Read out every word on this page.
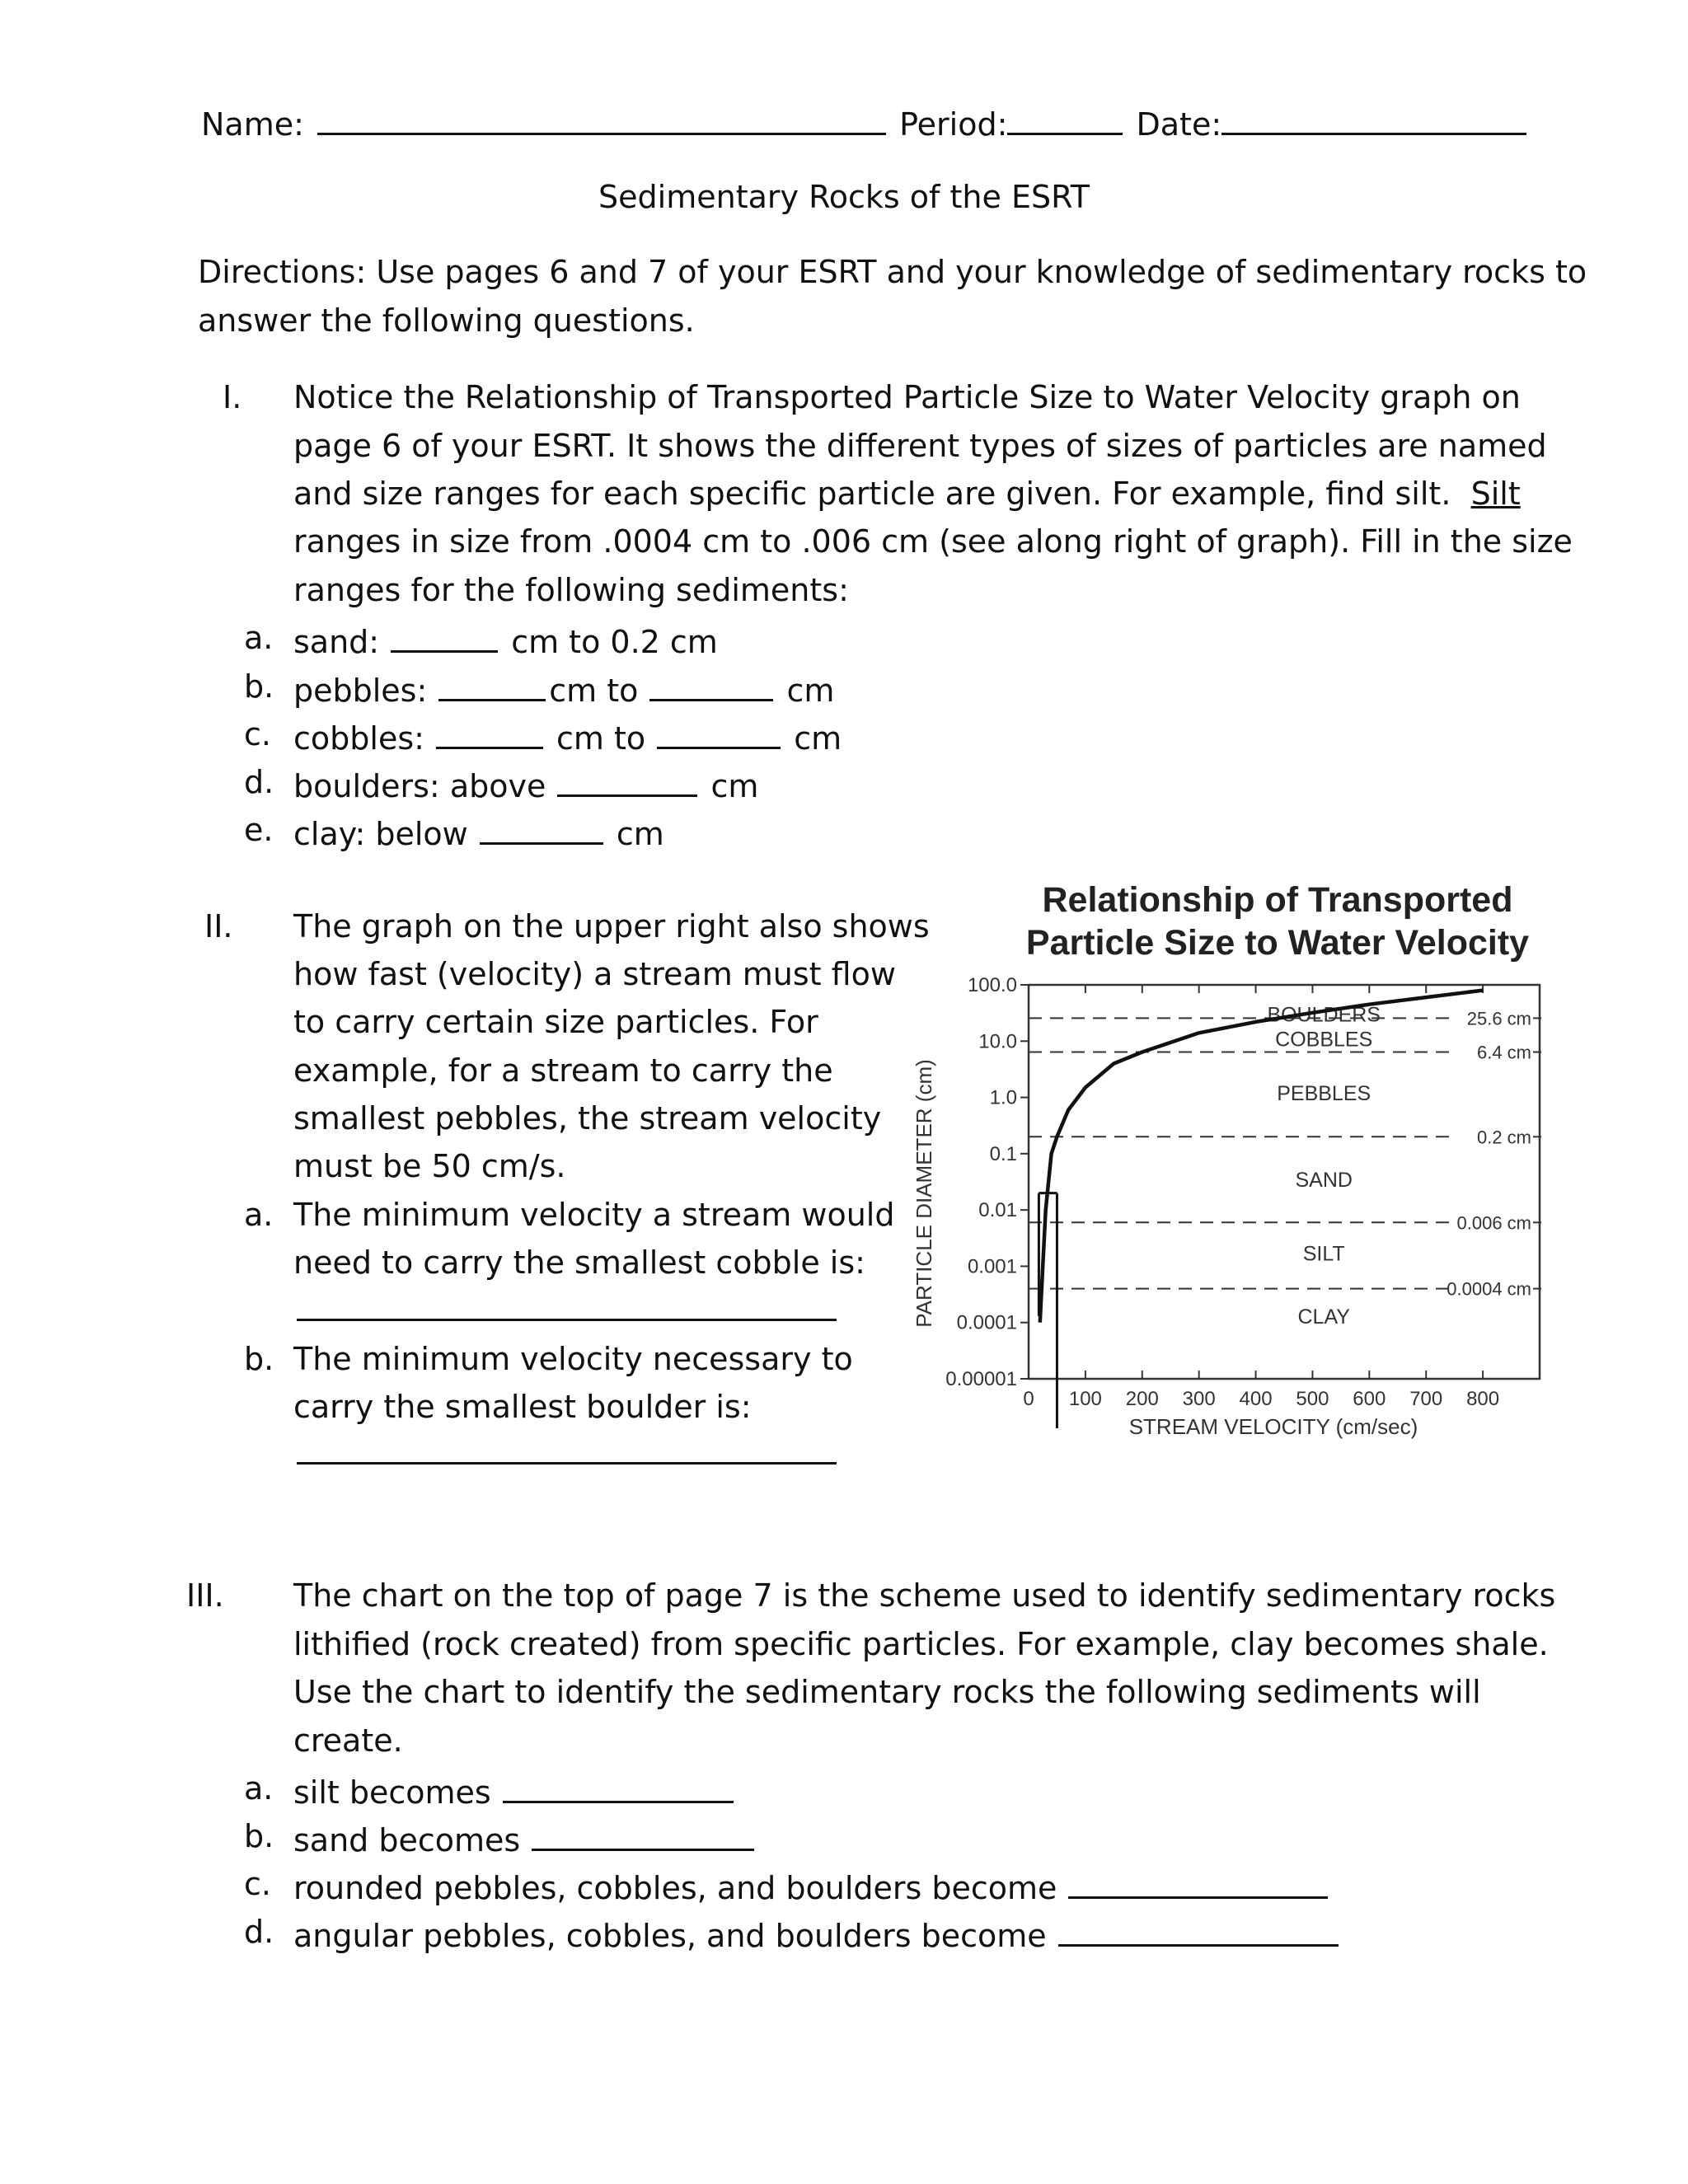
Name:	Period:	Date:
Sedimentary Rocks of the ESRT
Directions: Use pages 6 and 7 of your ESRT and your knowledge of sedimentary rocks to
answer the following questions.
I. Notice the Relationship of Transported Particle Size to Water Velocity graph on
page 6 of your ESRT. It shows the different types of sizes of particles are named
and size ranges for each specific particle are given. For example, find silt. Silt
ranges in size from .0004 cm to .006 cm (see along right of graph). Fill in the size
ranges for the following sediments:
a. sand:	cm to 0.2 cm
b. pebbles:	cm to	cm
c. cobbles:	cm to	cm
d. boulders: above	cm
e. clay: below	cm
II. The graph on the upper right also shows
how fast (velocity) a stream must flow
to carry certain size particles. For
example, for a stream to carry the
smallest pebbles, the stream velocity
must be 50 cm/s.
a. The minimum velocity a stream would
need to carry the smallest cobble is:
b. The minimum velocity necessary to
carry the smallest boulder is:
Relationship of Transported
Particle Size to Water Velocity
25.6 cm
6.4 cm
0.2 cm
0.006 cm
0.0004 cm
BOULDERS
COBBLES
PEBBLES
SAND
SILT
CLAY
0 100 200 300 400 500 600 700 800
100.0
10.0
1.0
0.1
0.01
0.001
0.0001
0.00001
STREAM VELOCITY (cm/sec)
PARTICLE DIAMETER (cm)
III. The chart on the top of page 7 is the scheme used to identify sedimentary rocks
lithified (rock created) from specific particles. For example, clay becomes shale.
Use the chart to identify the sedimentary rocks the following sediments will
create.
a. silt becomes
b. sand becomes
c. rounded pebbles, cobbles, and boulders become
d. angular pebbles, cobbles, and boulders become
